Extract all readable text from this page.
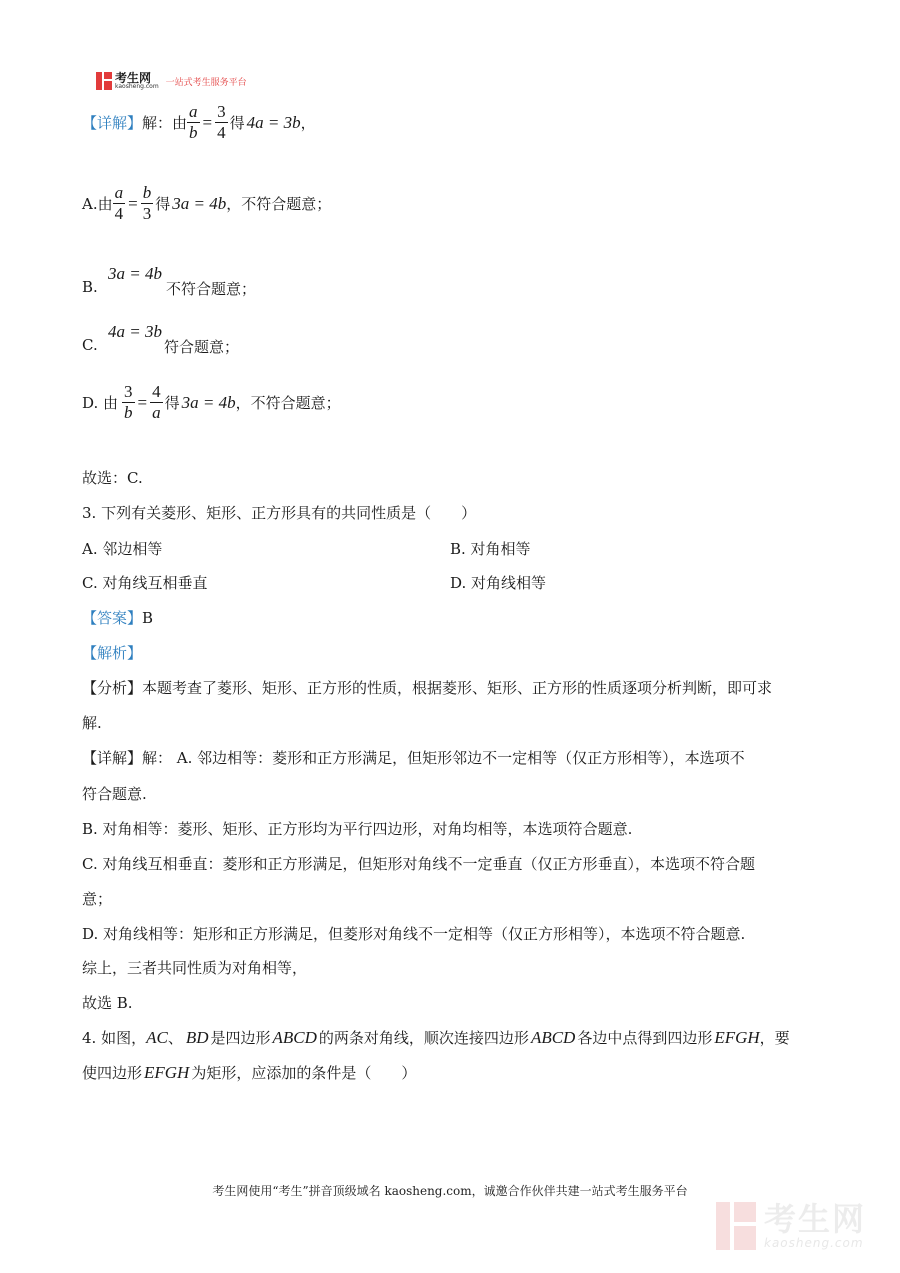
考生网
kaosheng.com 一站式考生服务平台
【详解】 解：由 $\frac{a}{b} = \frac{3}{4}$ 得 4a = 3b ，
A.由 $\frac{a}{4} = \frac{b}{3}$ 得 3a = 4b ，不符合题意；
B.
3a = 4b
不符合题意；
C.
4a = 3b
符合题意；
D. 由 $\frac{3}{b} = \frac{4}{a}$ 得 3a = 4b ，不符合题意；
故选：C.
3. 下列有关菱形、矩形、正方形具有的共同性质是（　　）
A. 邻边相等	B. 对角相等
C. 对角线互相垂直	D. 对角线相等
【答案】B
【解析】
【分析】本题考查了菱形、矩形、正方形的性质，根据菱形、矩形、正方形的性质逐项分析判断，即可求
解.
【详解】解： A. 邻边相等：菱形和正方形满足，但矩形邻边不一定相等（仅正方形相等），本选项不
符合题意.
B. 对角相等：菱形、矩形、正方形均为平行四边形，对角均相等，本选项符合题意.
C. 对角线互相垂直：菱形和正方形满足，但矩形对角线不一定垂直（仅正方形垂直），本选项不符合题
意；
D. 对角线相等：矩形和正方形满足，但菱形对角线不一定相等（仅正方形相等），本选项不符合题意.
综上，三者共同性质为对角相等，
故选 B.
4. 如图，AC、 BD 是四边形 ABCD 的两条对角线，顺次连接四边形 ABCD 各边中点得到四边形 EFGH，要
使四边形 EFGH 为矩形，应添加的条件是（　　）
考生网使用“考生”拼音顶级域名 kaosheng.com，诚邀合作伙伴共建一站式考生服务平台
考生网
kaosheng.com
